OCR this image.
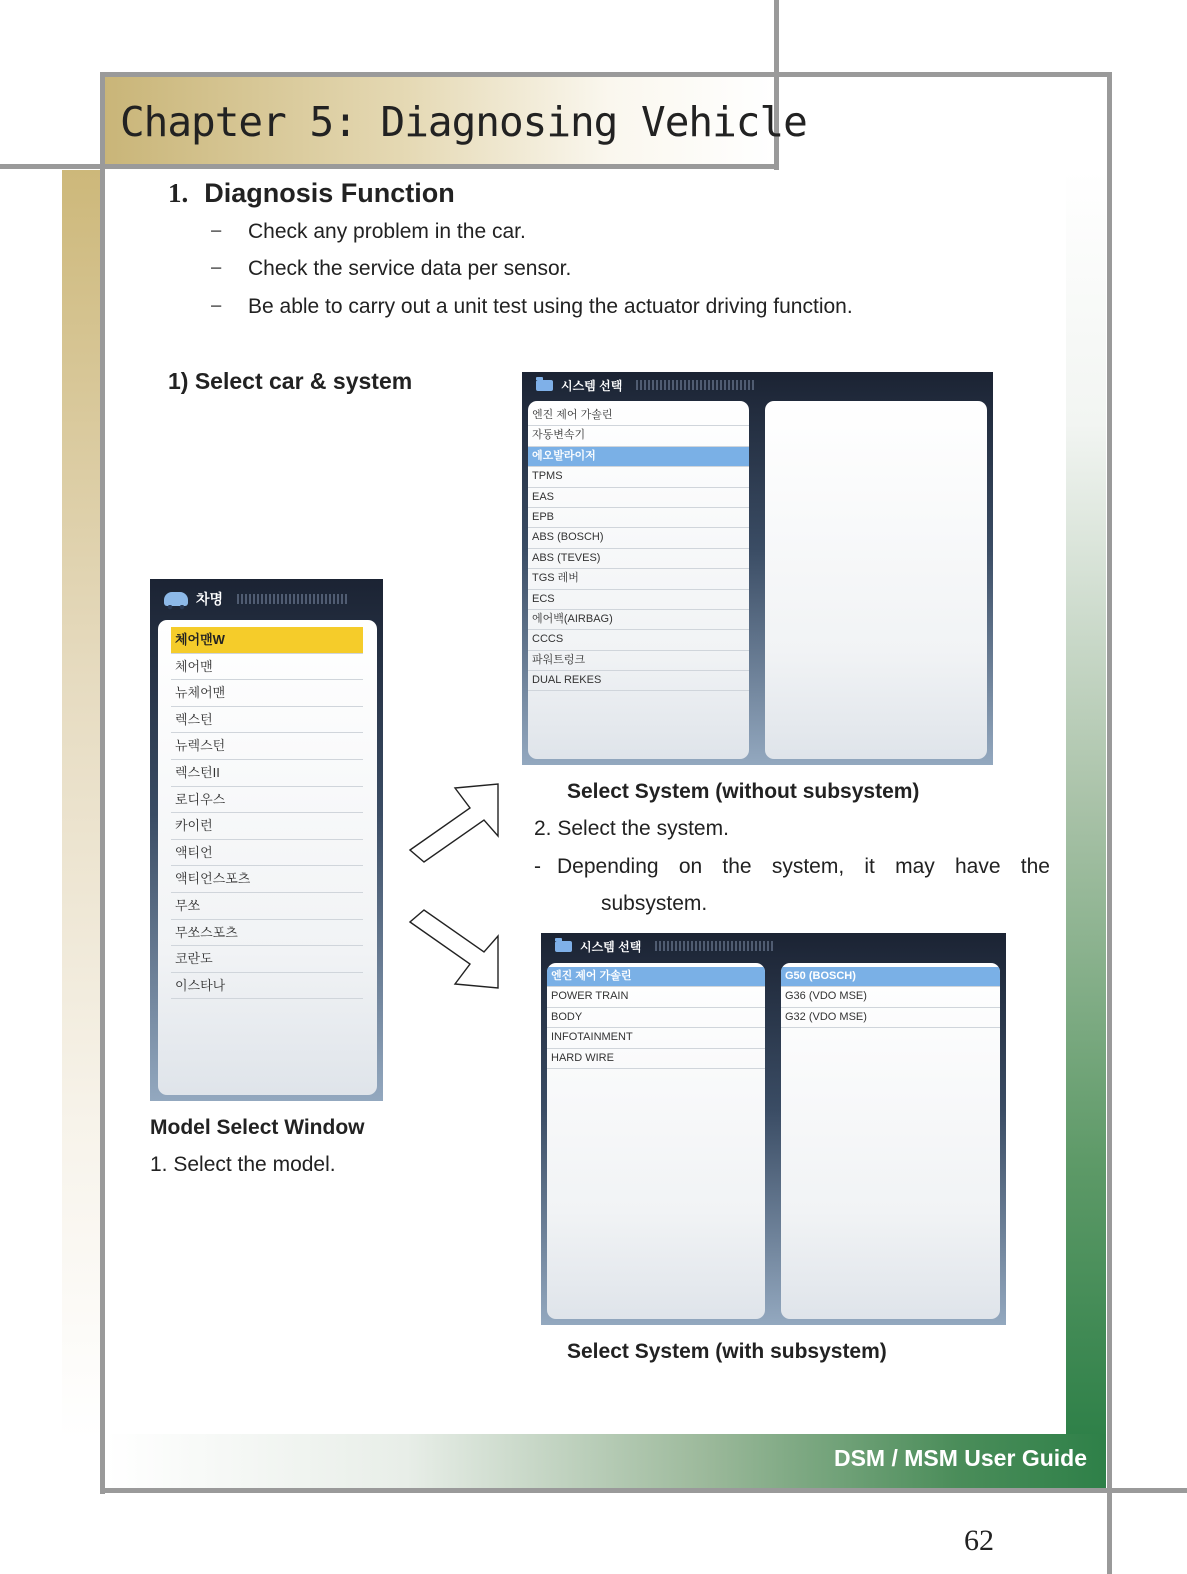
Chapter 5: Diagnosing Vehicle
1. Diagnosis Function
− Check any problem in the car.
− Check the service data per sensor.
− Be able to carry out a unit test using the actuator driving function.
1) Select car & system	시스템 선택
엔진 제어 가솔린
자동변속기
에오발라이저
TPMS
EAS
EPB
ABS (BOSCH)
ABS (TEVES)
TGS 레버
ECS
에어백(AIRBAG)
CCCS
파워트렁크
DUAL REKES
Select System (without subsystem)
2. Select the system.
- Depending on the system, it may have the
subsystem.
차명
체어맨W
체어맨
뉴체어맨
렉스턴
뉴렉스턴
렉스턴II
로디우스
카이런
액티언
액티언스포츠
무쏘
무쏘스포츠
코란도
이스타나
Model Select Window
1. Select the model.
시스템 선택
엔진 제어 가솔린
POWER TRAIN
BODY
INFOTAINMENT
HARD WIRE
G50 (BOSCH)
G36 (VDO MSE)
G32 (VDO MSE)
Select System (with subsystem)
DSM / MSM User Guide
62
